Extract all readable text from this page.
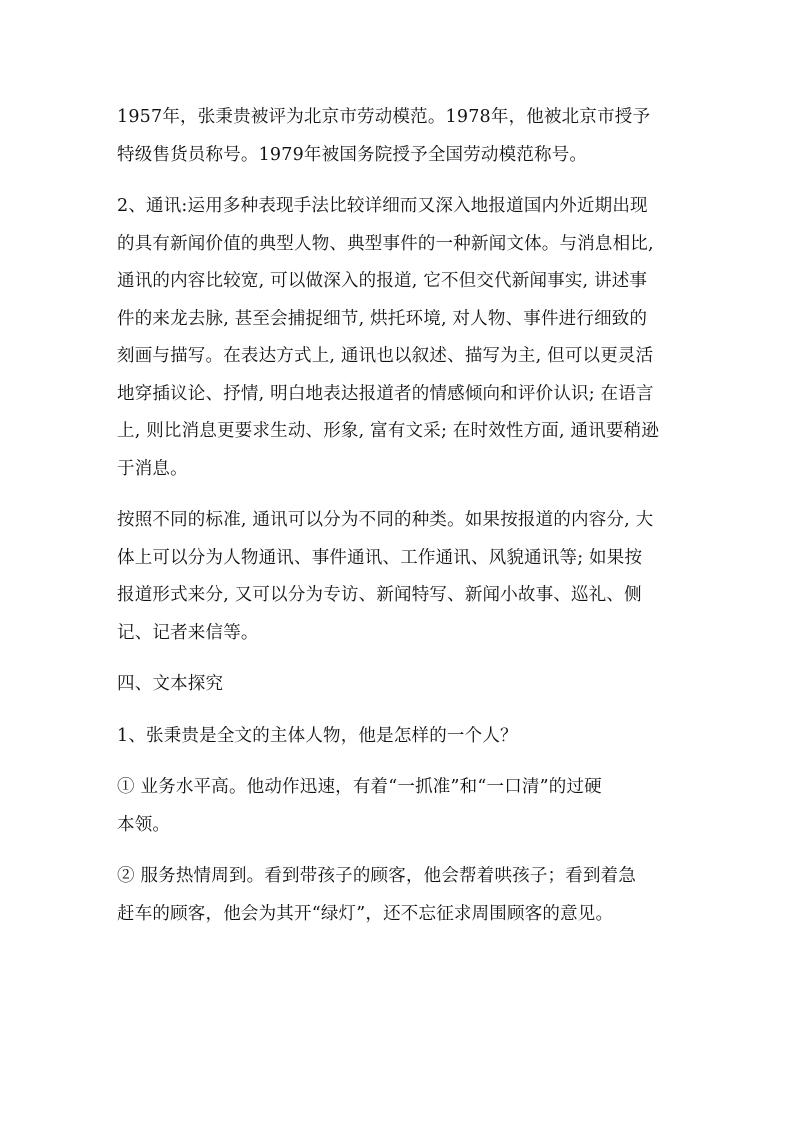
1957年，张秉贵被评为北京市劳动模范。1978年，他被北京市授予
特级售货员称号。1979年被国务院授予全国劳动模范称号。

2、通讯:运用多种表现手法比较详细而又深入地报道国内外近期出现
的具有新闻价值的典型人物、典型事件的一种新闻文体。与消息相比,
通讯的内容比较宽, 可以做深入的报道, 它不但交代新闻事实, 讲述事
件的来龙去脉, 甚至会捕捉细节, 烘托环境, 对人物、事件进行细致的
刻画与描写。在表达方式上, 通讯也以叙述、描写为主, 但可以更灵活
地穿插议论、抒情, 明白地表达报道者的情感倾向和评价认识; 在语言
上, 则比消息更要求生动、形象, 富有文采; 在时效性方面, 通讯要稍逊
于消息。

按照不同的标准, 通讯可以分为不同的种类。如果按报道的内容分, 大
体上可以分为人物通讯、事件通讯、工作通讯、风貌通讯等; 如果按
报道形式来分, 又可以分为专访、新闻特写、新闻小故事、巡礼、侧
记、记者来信等。

四、文本探究

1、张秉贵是全文的主体人物，他是怎样的一个人？

① 业务水平高。他动作迅速，有着“一抓准”和“一口清”的过硬
本领。

② 服务热情周到。看到带孩子的顾客，他会帮着哄孩子；看到着急
赶车的顾客，他会为其开“绿灯”，还不忘征求周围顾客的意见。
